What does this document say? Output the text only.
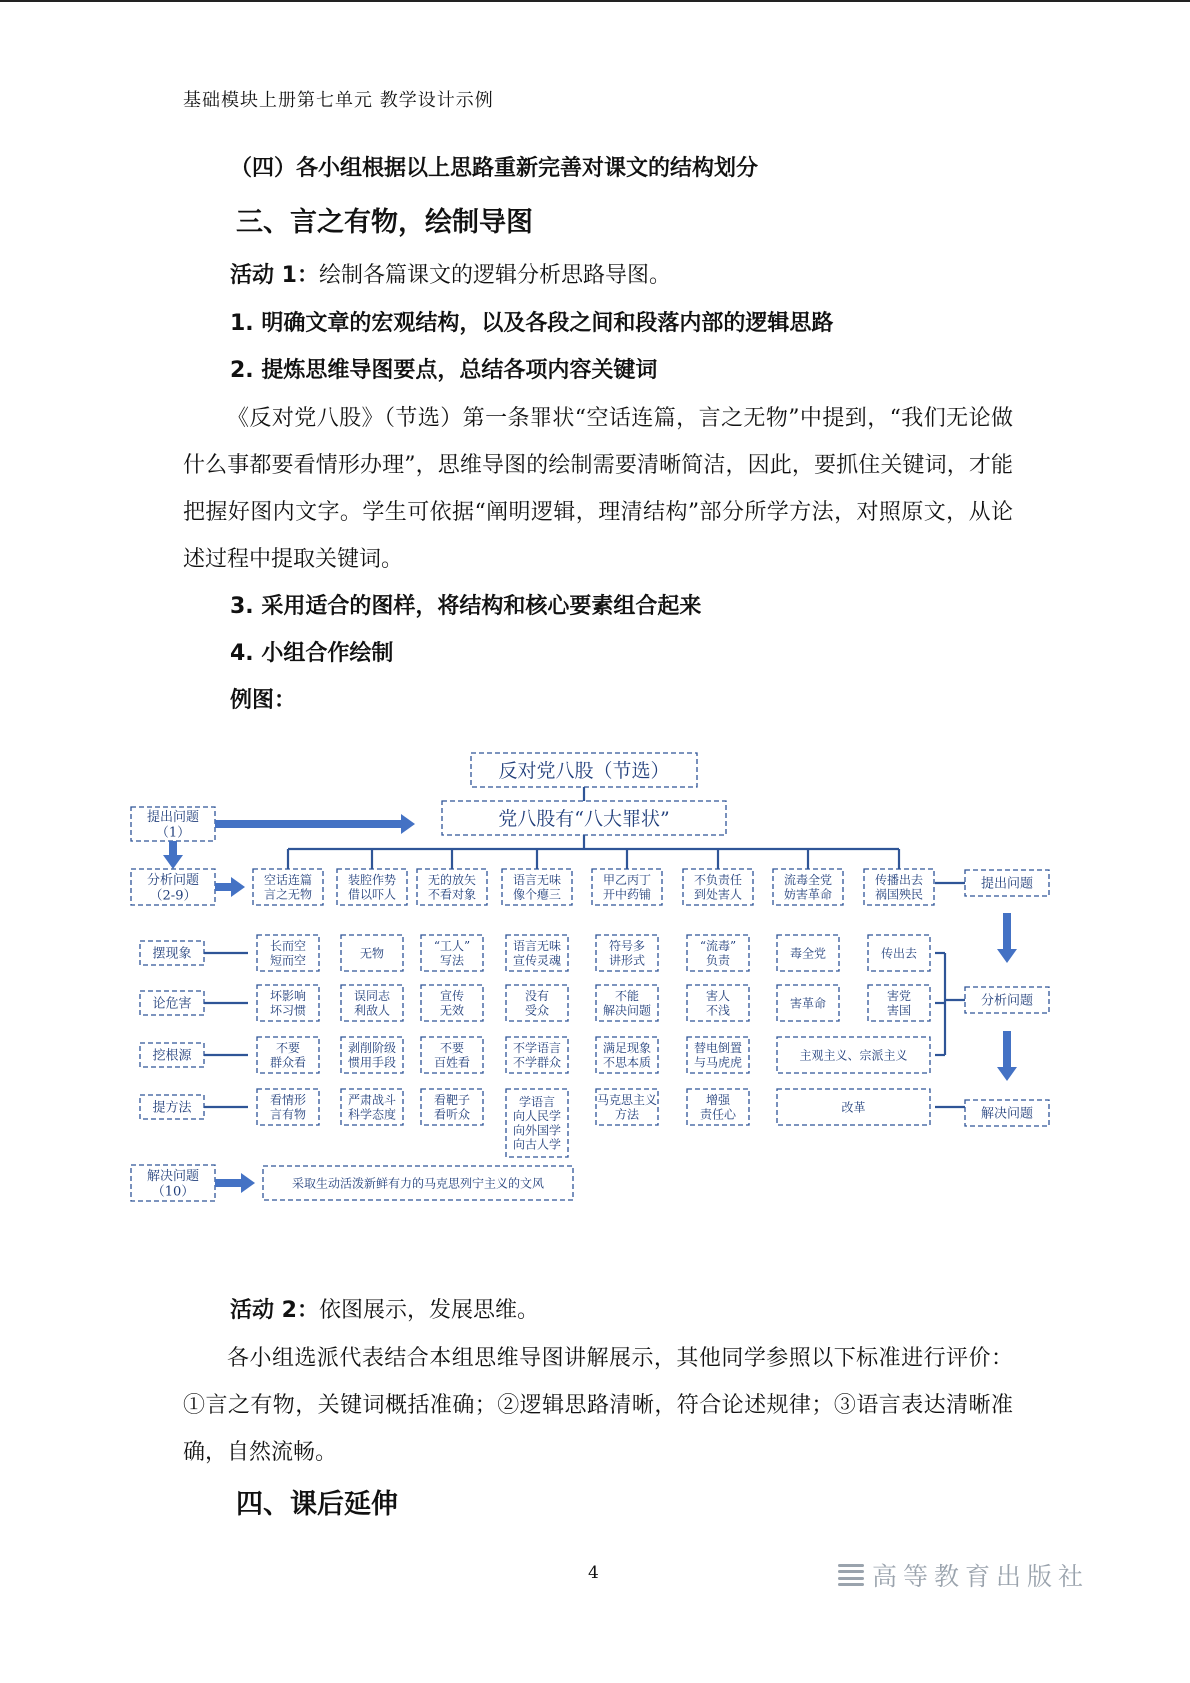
基础模块上册第七单元 教学设计示例
（四）各小组根据以上思路重新完善对课文的结构划分
三、言之有物，绘制导图
活动 1：绘制各篇课文的逻辑分析思路导图。
1. 明确文章的宏观结构，以及各段之间和段落内部的逻辑思路
2. 提炼思维导图要点，总结各项内容关键词
《反对党八股》（节选）第一条罪状“空话连篇，言之无物”中提到，“我们无论做什么事都要看情形办理”，思维导图的绘制需要清晰简洁，因此，要抓住关键词，才能把握好图内文字。学生可依据“阐明逻辑，理清结构”部分所学方法，对照原文，从论述过程中提取关键词。
3. 采用适合的图样，将结构和核心要素组合起来
4. 小组合作绘制
例图：
反对党八股（节选）
党八股有“八大罪状”
提出问题
（1）
分析问题
（2-9）
空话连篇
言之无物
装腔作势
借以吓人
无的放矢
不看对象
语言无味
像个瘪三
甲乙丙丁
开中药铺
不负责任
到处害人
流毒全党
妨害革命
传播出去
祸国殃民
提出问题
分析问题
解决问题
摆现象
论危害
挖根源
提方法
长而空
短而空
无物
“工人”
写法
语言无味
宣传灵魂
符号多
讲形式
“流毒”
负责
毒全党	传出去
坏影响
坏习惯
误同志
利敌人
宣传
无效
没有
受众
不能
解决问题
害人
不浅
害革命
害党
害国
不要
群众看
剥削阶级
惯用手段
不要
百姓看
不学语言
不学群众
满足现象
不思本质
替电倒置
与马虎虎
看情形
言有物
严肃战斗
科学态度
看靶子
看听众
学语言
向人民学
向外国学
向古人学
马克思主义
方法
增强
责任心
主观主义、宗派主义
改革
解决问题
（10）
采取生动活泼新鲜有力的马克思列宁主义的文风
活动 2：依图展示，发展思维。
各小组选派代表结合本组思维导图讲解展示，其他同学参照以下标准进行评价：①言之有物，关键词概括准确；②逻辑思路清晰，符合论述规律；③语言表达清晰准确，自然流畅。
四、课后延伸
4	高等教育出版社
